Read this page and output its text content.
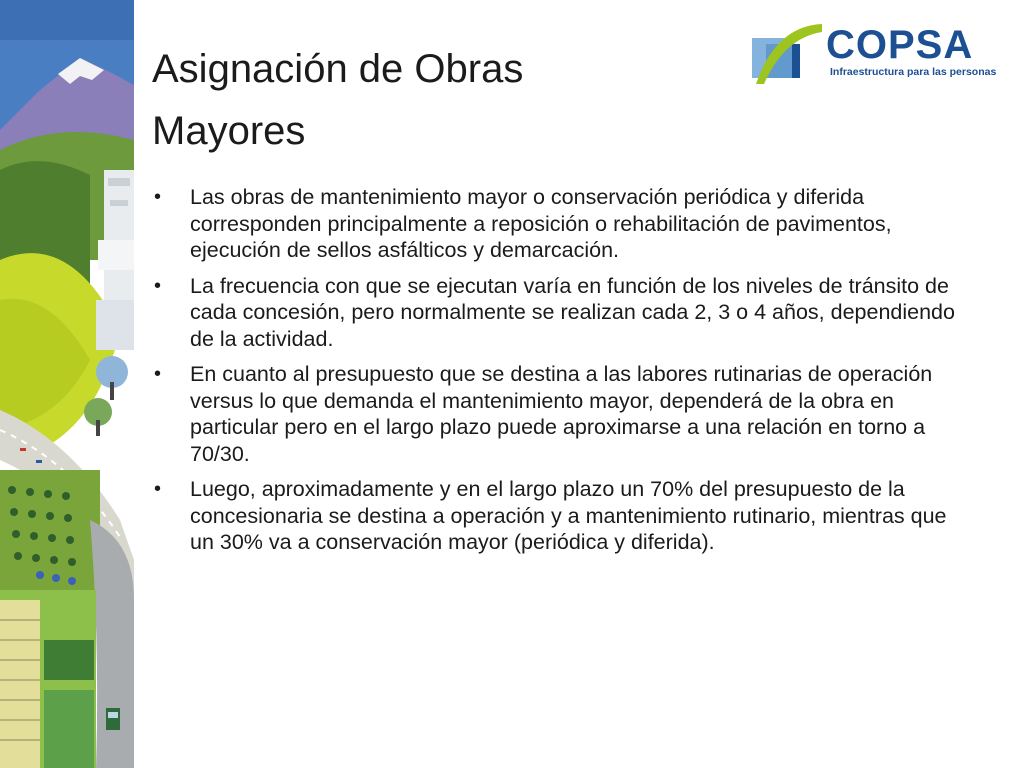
Asignación de Obras
Mayores
COPSA
Infraestructura para las personas
• Las obras de mantenimiento mayor o conservación periódica y diferida corresponden principalmente a reposición o rehabilitación de pavimentos, ejecución de sellos asfálticos y demarcación.
• La frecuencia con que se ejecutan varía en función de los niveles de tránsito de cada concesión, pero normalmente se realizan cada 2, 3 o 4 años, dependiendo de la actividad.
• En cuanto al presupuesto que se destina a las labores rutinarias de operación versus lo que demanda el mantenimiento mayor, dependerá de la obra en particular pero en el largo plazo puede aproximarse a una relación en torno a 70/30.
• Luego, aproximadamente y en el largo plazo un 70% del presupuesto de la concesionaria se destina a operación y a mantenimiento rutinario, mientras que un 30% va a conservación mayor (periódica y diferida).
